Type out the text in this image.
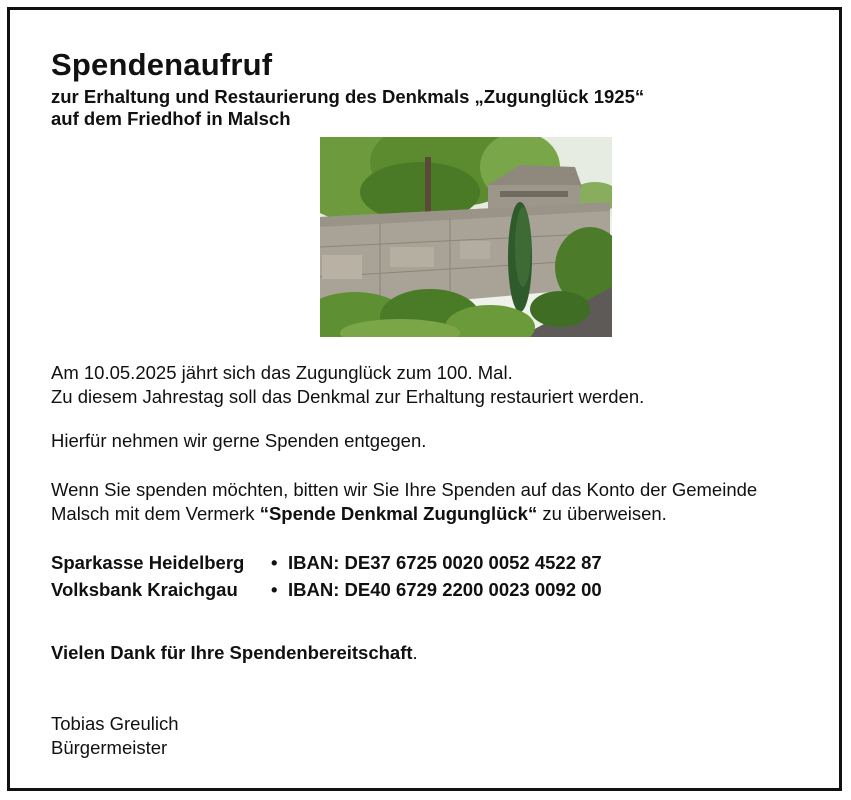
Spendenaufruf
zur Erhaltung und Restaurierung des Denkmals „Zugunglück 1925“
auf dem Friedhof in Malsch
Am 10.05.2025 jährt sich das Zugunglück zum 100. Mal.
Zu diesem Jahrestag soll das Denkmal zur Erhaltung restauriert werden.

Hierfür nehmen wir gerne Spenden entgegen.

Wenn Sie spenden möchten, bitten wir Sie Ihre Spenden auf das Konto der Gemeinde
Malsch mit dem Vermerk “Spende Denkmal Zugunglück“ zu überweisen.
Sparkasse Heidelberg	• IBAN: DE37 6725 0020 0052 4522 87
Volksbank Kraichgau	• IBAN: DE40 6729 2200 0023 0092 00

Vielen Dank für Ihre Spendenbereitschaft.

Tobias Greulich
Bürgermeister
